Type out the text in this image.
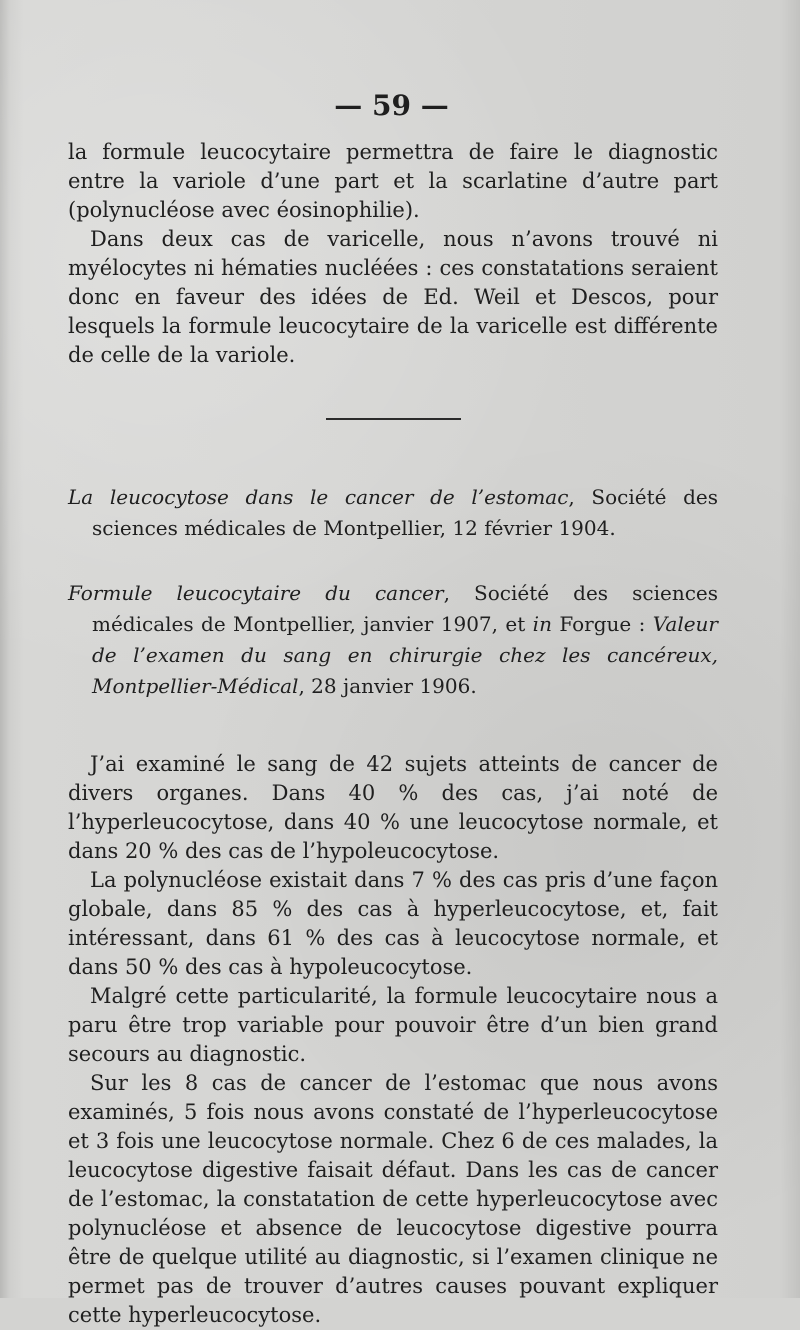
— 59 —

la formule leucocytaire permettra de faire le diagnostic entre la variole d’une part et la scarlatine d’autre part (polynucléose avec éosinophilie).

Dans deux cas de varicelle, nous n’avons trouvé ni myélocytes ni hématies nucléées : ces constatations seraient donc en faveur des idées de Ed. Weil et Descos, pour lesquels la formule leucocytaire de la varicelle est différente de celle de la variole.

La leucocytose dans le cancer de l’estomac, Société des sciences médicales de Montpellier, 12 février 1904.

Formule leucocytaire du cancer, Société des sciences médicales de Montpellier, janvier 1907, et in Forgue : Valeur de l’examen du sang en chirurgie chez les cancéreux, Montpellier-Médical, 28 janvier 1906.

J’ai examiné le sang de 42 sujets atteints de cancer de divers organes. Dans 40 % des cas, j’ai noté de l’hyperleucocytose, dans 40 % une leucocytose normale, et dans 20 % des cas de l’hypoleucocytose.

La polynucléose existait dans 7 % des cas pris d’une façon globale, dans 85 % des cas à hyperleucocytose, et, fait intéressant, dans 61 % des cas à leucocytose normale, et dans 50 % des cas à hypoleucocytose.

Malgré cette particularité, la formule leucocytaire nous a paru être trop variable pour pouvoir être d’un bien grand secours au diagnostic.

Sur les 8 cas de cancer de l’estomac que nous avons examinés, 5 fois nous avons constaté de l’hyperleucocytose et 3 fois une leucocytose normale. Chez 6 de ces malades, la leucocytose digestive faisait défaut. Dans les cas de cancer de l’estomac, la constatation de cette hyperleucocytose avec polynucléose et absence de leucocytose digestive pourra être de quelque utilité au diagnostic, si l’examen clinique ne permet pas de trouver d’autres causes pouvant expliquer cette hyperleucocytose.
